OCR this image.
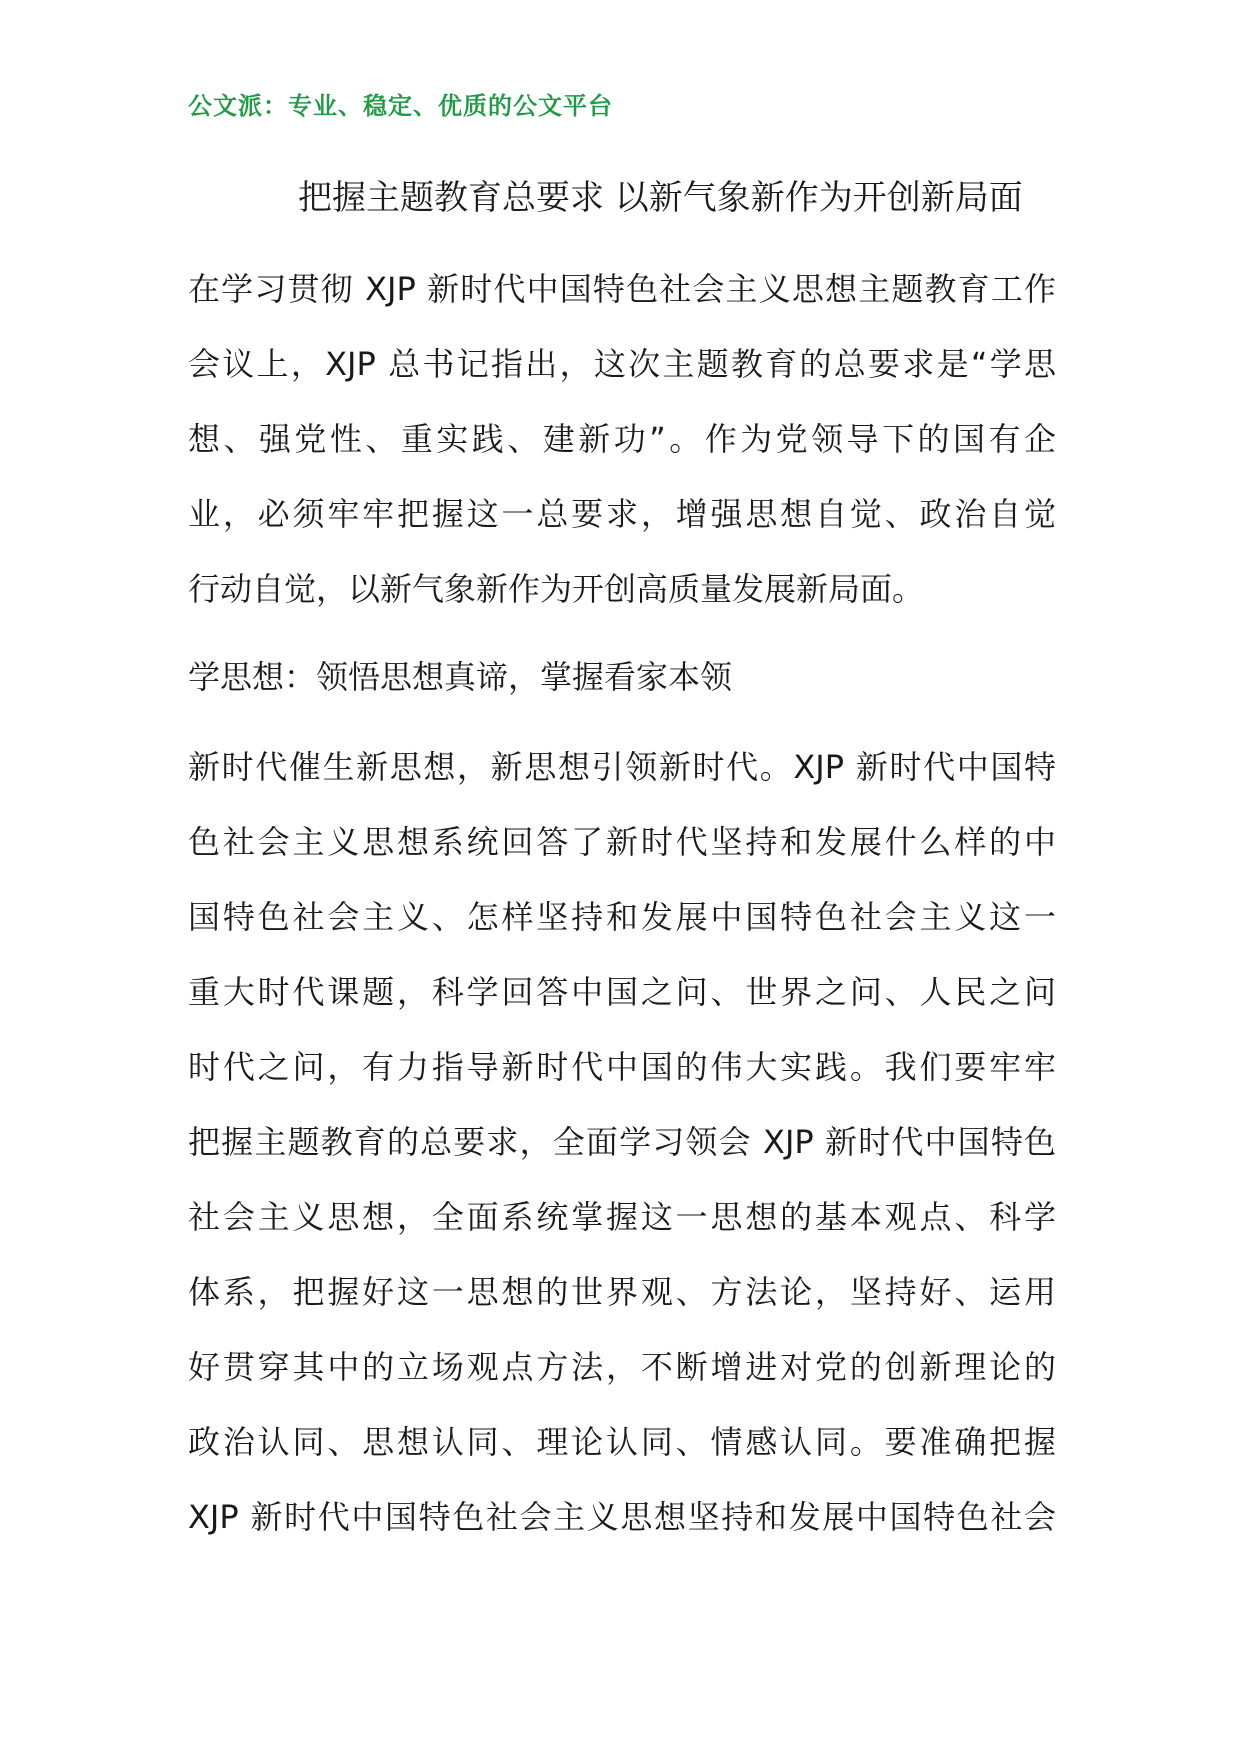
公文派：专业、稳定、优质的公文平台
把握主题教育总要求 以新气象新作为开创新局面
在学习贯彻 XJP 新时代中国特色社会主义思想主题教育工作
会议上，XJP 总书记指出，这次主题教育的总要求是“学思
想、强党性、重实践、建新功”。作为党领导下的国有企
业，必须牢牢把握这一总要求，增强思想自觉、政治自觉
行动自觉，以新气象新作为开创高质量发展新局面。
学思想：领悟思想真谛，掌握看家本领
新时代催生新思想，新思想引领新时代。XJP 新时代中国特
色社会主义思想系统回答了新时代坚持和发展什么样的中
国特色社会主义、怎样坚持和发展中国特色社会主义这一
重大时代课题，科学回答中国之问、世界之问、人民之问
时代之问，有力指导新时代中国的伟大实践。我们要牢牢
把握主题教育的总要求，全面学习领会 XJP 新时代中国特色
社会主义思想，全面系统掌握这一思想的基本观点、科学
体系，把握好这一思想的世界观、方法论，坚持好、运用
好贯穿其中的立场观点方法，不断增进对党的创新理论的
政治认同、思想认同、理论认同、情感认同。要准确把握
XJP 新时代中国特色社会主义思想坚持和发展中国特色社会
